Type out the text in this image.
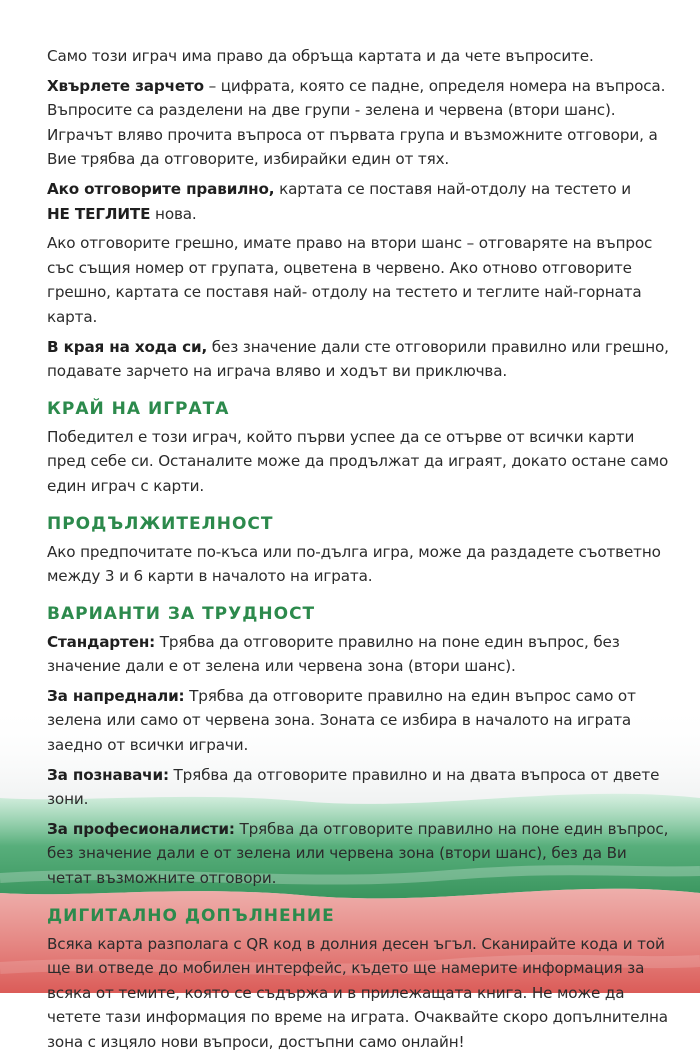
Само този играч има право да обръща картата и да чете въпросите.

Хвърлете зарчето – цифрата, която се падне, определя номера на въпроса. Въпросите са разделени на две групи - зелена и червена (втори шанс). Играчът вляво прочита въпроса от първата група и възможните отговори, а Вие трябва да отговорите, избирайки един от тях.

Ако отговорите правилно, картата се поставя най-отдолу на тестето и
НЕ ТЕГЛИТЕ нова.

Ако отговорите грешно, имате право на втори шанс – отговаряте на въпрос със същия номер от групата, оцветена в червено. Ако отново отговорите грешно, картата се поставя най- отдолу на тестето и теглите най-горната карта.

В края на хода си, без значение дали сте отговорили правилно или грешно, подавате зарчето на играча вляво и ходът ви приключва.

КРАЙ НА ИГРАТА

Победител е този играч, който първи успее да се отърве от всички карти пред себе си. Останалите може да продължат да играят, докато остане само един играч с карти.

ПРОДЪЛЖИТЕЛНОСТ

Ако предпочитате по-къса или по-дълга игра, може да раздадете съответно между 3 и 6 карти в началото на играта.

ВАРИАНТИ ЗА ТРУДНОСТ

Стандартен: Трябва да отговорите правилно на поне един въпрос, без значение дали е от зелена или червена зона (втори шанс).

За напреднали: Трябва да отговорите правилно на един въпрос само от зелена или само от червена зона. Зоната се избира в началото на играта заедно от всички играчи.

За познавачи: Трябва да отговорите правилно и на двата въпроса от двете зони.

За професионалисти: Трябва да отговорите правилно на поне един въпрос, без значение дали е от зелена или червена зона (втори шанс), без да Ви четат възможните отговори.

ДИГИТАЛНО ДОПЪЛНЕНИЕ

Всяка карта разполага с QR код в долния десен ъгъл. Сканирайте кода и той ще ви отведе до мобилен интерфейс, където ще намерите информация за всяка от темите, която се съдържа и в прилежащата книга. Не може да четете тази информация по време на играта. Очаквайте скоро допълнителна зона с изцяло нови въпроси, достъпни само онлайн!
